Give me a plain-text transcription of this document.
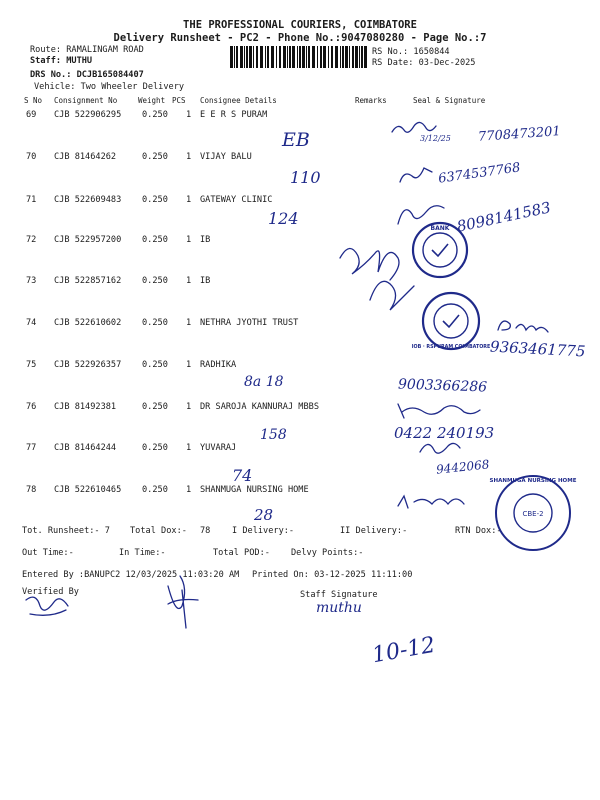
THE PROFESSIONAL COURIERS, COIMBATORE
Delivery Runsheet - PC2 - Phone No.:9047080280 - Page No.:7
Route: RAMALINGAM ROAD
Staff: MUTHU
DRS No.: DCJB165084407
Vehicle: Two Wheeler Delivery
RS No.: 1650844
RS Date: 03-Dec-2025
S No Consignment No	Weight PCS Consignee Details	Remarks	Seal & Signature
69 CJB 522906295 0.250 1 E E R S PURAM
70 CJB 81464262	0.250 1 VIJAY BALU
71 CJB 522609483 0.250 1 GATEWAY CLINIC
72 CJB 522957200 0.250 1 IB
73 CJB 522857162 0.250 1 IB
74 CJB 522610602 0.250 1 NETHRA JYOTHI TRUST
75 CJB 522926357 0.250 1 RADHIKA
76 CJB 81492381	0.250 1 DR SAROJA KANNURAJ MBBS
77 CJB 81464244	0.250 1 YUVARAJ
78 CJB 522610465 0.250 1 SHANMUGA NURSING HOME
Tot. Runsheet:- 7 Total Dox:- 78	I Delivery:-	II Delivery:-	RTN Dox:-
Out Time:-	In Time:-	Total POD:- Delvy Points:-
Entered By :BANUPC2 12/03/2025 11:03:20 AM Printed On: 03-12-2025 11:11:00
Verified By	Staff Signature
EB	3/12/25 7708473201
110	6374537768
124	8098141583
9363461775
8a 18	9003366286
0422 240193
158
9442068
74
28
muthu
10-12
BANK
IOB · RSPURAM COIMBATORE
SHANMUGA NURSING HOME
CBE-2
